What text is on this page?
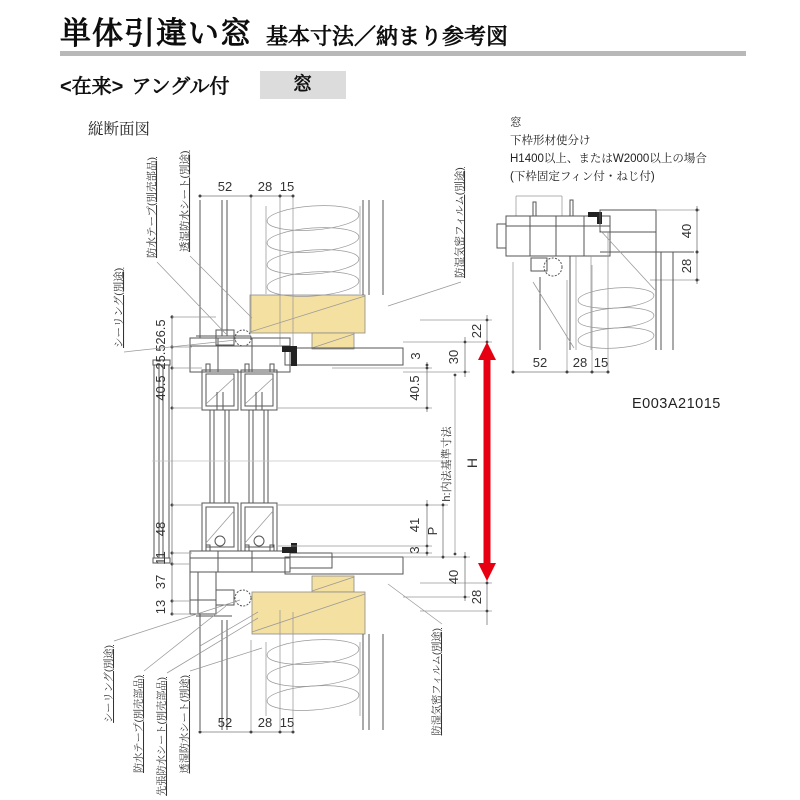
単体引違い窓 基本寸法／納まり参考図
<在来> アングル付	窓
縦断面図	窓
下枠形材使分け
H1400以上、またはW2000以上の場合
(下枠固定フィン付・ねじ付)
E003A21015
52 28 15
52 28 15
26.5
25.5
40.5
48
11
37
13
22
30
3
40.5
h:内法基準寸法 H
P
41
3
40
28
シーリング(別途)
防水テープ(別売部品) 透湿防水シート(別途)	防湿気密フィルム(別途)
シーリング(別途) 防水テープ(別売部品) 先張防水シート(別売部品) 透湿防水シート(別途)	防湿気密フィルム(別途)
52 28 15
40
28
